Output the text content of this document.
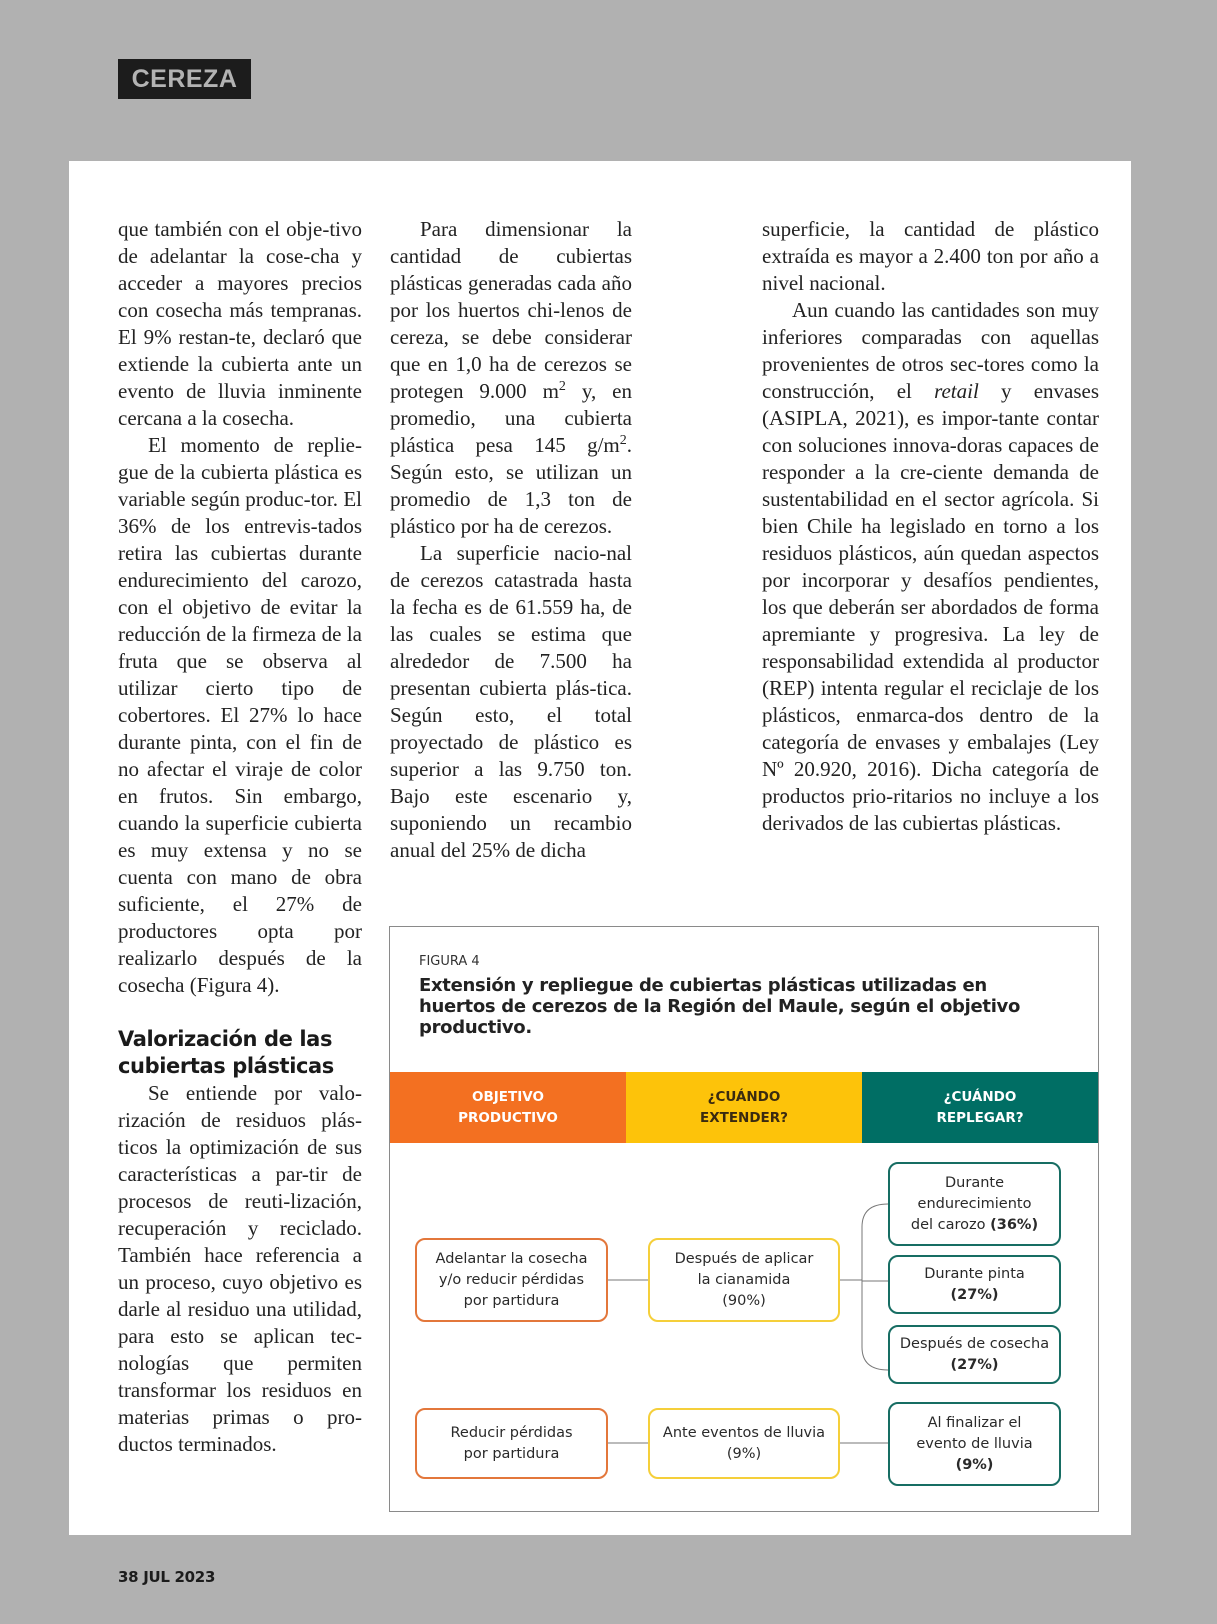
CEREZA

que también con el obje-tivo de adelantar la cose-cha y acceder a mayores precios con cosecha más tempranas. El 9% restan-te, declaró que extiende la cubierta ante un evento de lluvia inminente cercana a la cosecha.

El momento de replie-gue de la cubierta plástica es variable según produc-tor. El 36% de los entrevis-tados retira las cubiertas durante endurecimiento del carozo, con el objetivo de evitar la reducción de la firmeza de la fruta que se observa al utilizar cierto tipo de cobertores. El 27% lo hace durante pinta, con el fin de no afectar el viraje de color en frutos. Sin embargo, cuando la superficie cubierta es muy extensa y no se cuenta con mano de obra suficiente, el 27% de productores opta por realizarlo después de la cosecha (Figura 4).

Valorización de las cubiertas plásticas

Se entiende por valo-rización de residuos plás-ticos la optimización de sus características a par-tir de procesos de reuti-lización, recuperación y reciclado. También hace referencia a un proceso, cuyo objetivo es darle al residuo una utilidad, para esto se aplican tec-nologías que permiten transformar los residuos en materias primas o pro-ductos terminados.

Para dimensionar la cantidad de cubiertas plásticas generadas cada año por los huertos chi-lenos de cereza, se debe considerar que en 1,0 ha de cerezos se protegen 9.000 $m^2$ y, en promedio, una cubierta plástica pesa 145 $g/m^2$. Según esto, se utilizan un promedio de 1,3 ton de plástico por ha de cerezos.

La superficie nacio-nal de cerezos catastrada hasta la fecha es de 61.559 ha, de las cuales se estima que alrededor de 7.500 ha presentan cubierta plás-tica. Según esto, el total proyectado de plástico es superior a las 9.750 ton. Bajo este escenario y, suponiendo un recambio anual del 25% de dicha

superficie, la cantidad de plástico extraída es mayor a 2.400 ton por año a nivel nacional.

Aun cuando las cantidades son muy inferiores comparadas con aquellas provenientes de otros sec-tores como la construcción, el retail y envases (ASIPLA, 2021), es impor-tante contar con soluciones innova-doras capaces de responder a la cre-ciente demanda de sustentabilidad en el sector agrícola. Si bien Chile ha legislado en torno a los residuos plásticos, aún quedan aspectos por incorporar y desafíos pendientes, los que deberán ser abordados de forma apremiante y progresiva. La ley de responsabilidad extendida al productor (REP) intenta regular el reciclaje de los plásticos, enmarca-dos dentro de la categoría de envases y embalajes (Ley Nº 20.920, 2016). Dicha categoría de productos prio-ritarios no incluye a los derivados de las cubiertas plásticas.

FIGURA 4
Extensión y repliegue de cubiertas plásticas utilizadas en huertos de cerezos de la Región del Maule, según el objetivo productivo.
OBJETIVO
PRODUCTIVO
¿CUÁNDO
EXTENDER?
¿CUÁNDO
REPLEGAR?
Adelantar la cosecha
y/o reducir pérdidas
por partidura
Después de aplicar
la cianamida
(90%)
Durante
endurecimiento
del carozo (36%)
Durante pinta
(27%)
Después de cosecha
(27%)
Reducir pérdidas
por partidura
Ante eventos de lluvia
(9%)
Al finalizar el
evento de lluvia
(9%)
38 JUL 2023
